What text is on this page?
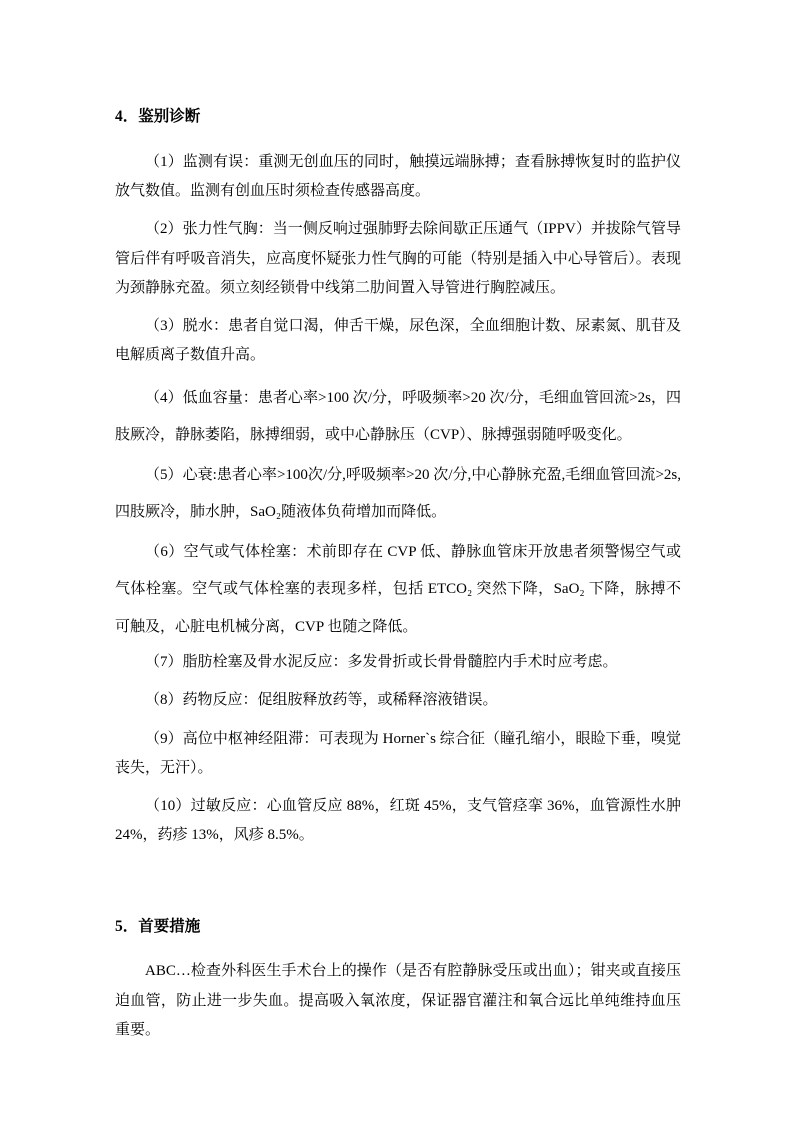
4．鉴别诊断

（1）监测有误：重测无创血压的同时，触摸远端脉搏；查看脉搏恢复时的监护仪放气数值。监测有创血压时须检查传感器高度。

（2）张力性气胸：当一侧反响过强肺野去除间歇正压通气（IPPV）并拔除气管导管后伴有呼吸音消失，应高度怀疑张力性气胸的可能（特别是插入中心导管后）。表现为颈静脉充盈。须立刻经锁骨中线第二肋间置入导管进行胸腔减压。

（3）脱水：患者自觉口渴，伸舌干燥，尿色深，全血细胞计数、尿素氮、肌苷及电解质离子数值升高。

（4）低血容量：患者心率>100 次/分，呼吸频率>20 次/分，毛细血管回流>2s，四肢厥冷，静脉萎陷，脉搏细弱，或中心静脉压（CVP）、脉搏强弱随呼吸变化。

（5）心衰:患者心率>100次/分,呼吸频率>20 次/分,中心静脉充盈,毛细血管回流>2s,四肢厥冷，肺水肿，SaO₂随液体负荷增加而降低。

（6）空气或气体栓塞：术前即存在 CVP 低、静脉血管床开放患者须警惕空气或气体栓塞。空气或气体栓塞的表现多样，包括 ETCO₂ 突然下降，SaO₂ 下降，脉搏不可触及，心脏电机械分离，CVP 也随之降低。

（7）脂肪栓塞及骨水泥反应：多发骨折或长骨骨髓腔内手术时应考虑。

（8）药物反应：促组胺释放药等，或稀释溶液错误。

（9）高位中枢神经阻滞：可表现为 Horner`s 综合征（瞳孔缩小，眼睑下垂，嗅觉丧失，无汗）。

（10）过敏反应：心血管反应 88%，红斑 45%，支气管痉挛 36%，血管源性水肿 24%，药疹 13%，风疹 8.5%。

5．首要措施

ABC…检查外科医生手术台上的操作（是否有腔静脉受压或出血）；钳夹或直接压迫血管，防止进一步失血。提高吸入氧浓度，保证器官灌注和氧合远比单纯维持血压重要。
